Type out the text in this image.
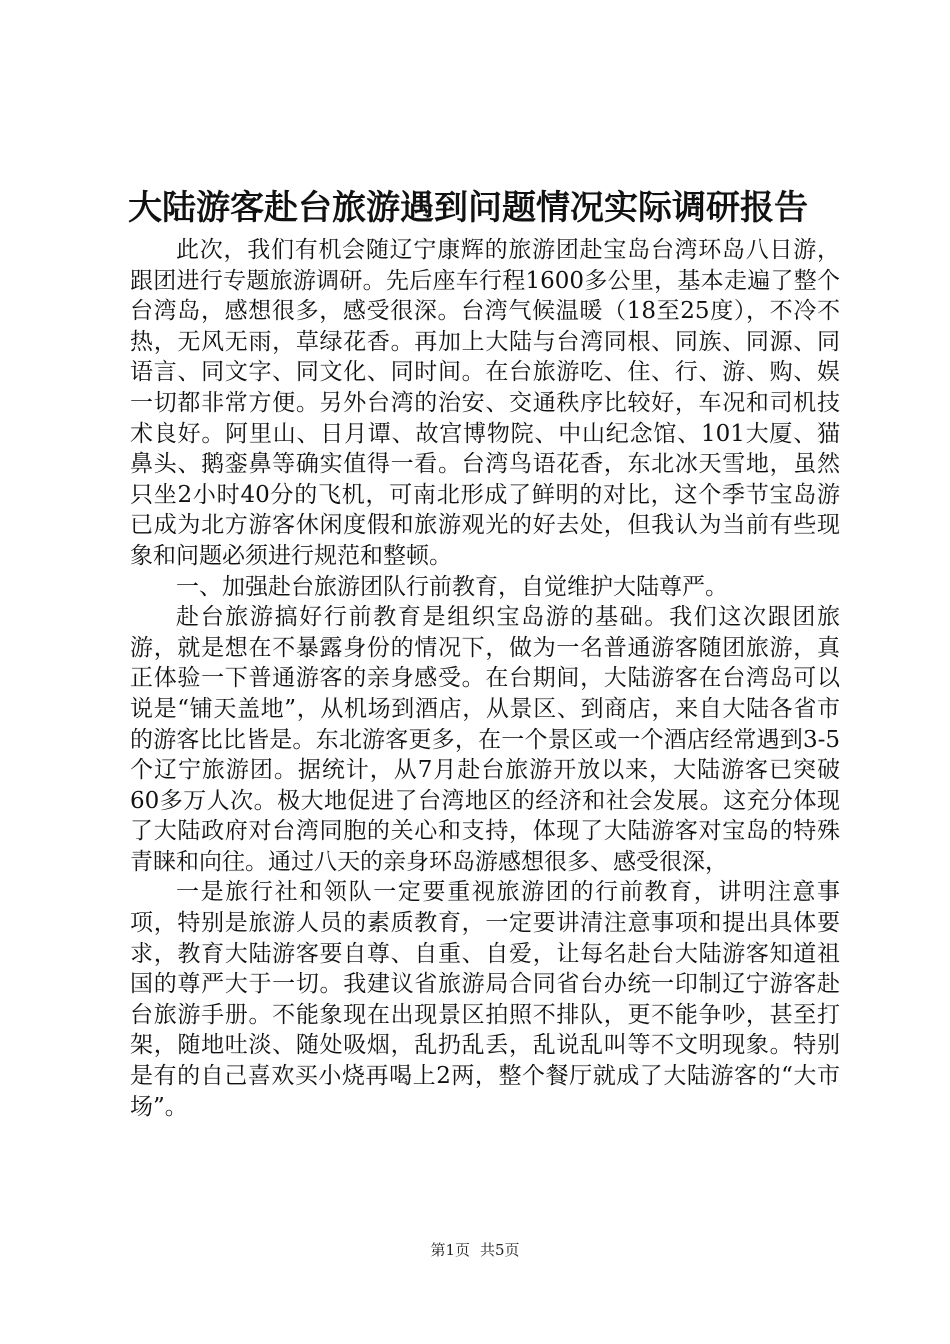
大陆游客赴台旅游遇到问题情况实际调研报告

此次，我们有机会随辽宁康辉的旅游团赴宝岛台湾环岛八日游，跟团进行专题旅游调研。先后座车行程1600多公里，基本走遍了整个台湾岛，感想很多，感受很深。台湾气候温暖（18至25度），不冷不热，无风无雨，草绿花香。再加上大陆与台湾同根、同族、同源、同语言、同文字、同文化、同时间。在台旅游吃、住、行、游、购、娱一切都非常方便。另外台湾的治安、交通秩序比较好，车况和司机技术良好。阿里山、日月谭、故宫博物院、中山纪念馆、101大厦、猫鼻头、鹅銮鼻等确实值得一看。台湾鸟语花香，东北冰天雪地，虽然只坐2小时40分的飞机，可南北形成了鲜明的对比，这个季节宝岛游已成为北方游客休闲度假和旅游观光的好去处，但我认为当前有些现象和问题必须进行规范和整顿。

一、加强赴台旅游团队行前教育，自觉维护大陆尊严。

赴台旅游搞好行前教育是组织宝岛游的基础。我们这次跟团旅游，就是想在不暴露身份的情况下，做为一名普通游客随团旅游，真正体验一下普通游客的亲身感受。在台期间，大陆游客在台湾岛可以说是“铺天盖地”，从机场到酒店，从景区、到商店，来自大陆各省市的游客比比皆是。东北游客更多，在一个景区或一个酒店经常遇到3-5个辽宁旅游团。据统计，从7月赴台旅游开放以来，大陆游客已突破60多万人次。极大地促进了台湾地区的经济和社会发展。这充分体现了大陆政府对台湾同胞的关心和支持，体现了大陆游客对宝岛的特殊青睐和向往。通过八天的亲身环岛游感想很多、感受很深，

一是旅行社和领队一定要重视旅游团的行前教育，讲明注意事项，特别是旅游人员的素质教育，一定要讲清注意事项和提出具体要求，教育大陆游客要自尊、自重、自爱，让每名赴台大陆游客知道祖国的尊严大于一切。我建议省旅游局合同省台办统一印制辽宁游客赴台旅游手册。不能象现在出现景区拍照不排队，更不能争吵，甚至打架，随地吐淡、随处吸烟，乱扔乱丢，乱说乱叫等不文明现象。特别是有的自己喜欢买小烧再喝上2两，整个餐厅就成了大陆游客的“大市场”。

第1页 共5页
